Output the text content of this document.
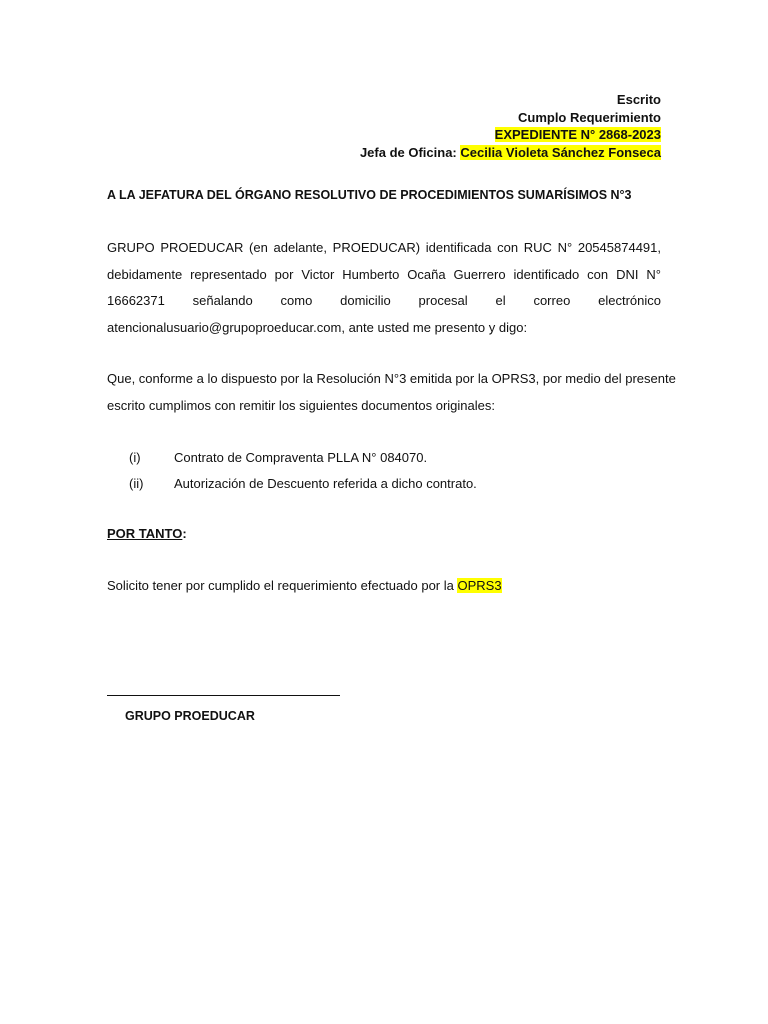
Escrito
Cumplo Requerimiento
EXPEDIENTE N° 2868-2023
Jefa de Oficina: Cecilia Violeta Sánchez Fonseca
A LA JEFATURA DEL ÓRGANO RESOLUTIVO DE PROCEDIMIENTOS SUMARÍSIMOS N°3
GRUPO PROEDUCAR (en adelante, PROEDUCAR) identificada con RUC N° 20545874491,
debidamente representado por Victor Humberto Ocaña Guerrero identificado con DNI N°
16662371 señalando como domicilio procesal el correo electrónico
atencionalusuario@grupoproeducar.com, ante usted me presento y digo:
Que, conforme a lo dispuesto por la Resolución N°3 emitida por la OPRS3, por medio del presente
escrito cumplimos con remitir los siguientes documentos originales:
(i)	Contrato de Compraventa PLLA N° 084070.
(ii)	Autorización de Descuento referida a dicho contrato.
POR TANTO:
Solicito tener por cumplido el requerimiento efectuado por la OPRS3
GRUPO PROEDUCAR
